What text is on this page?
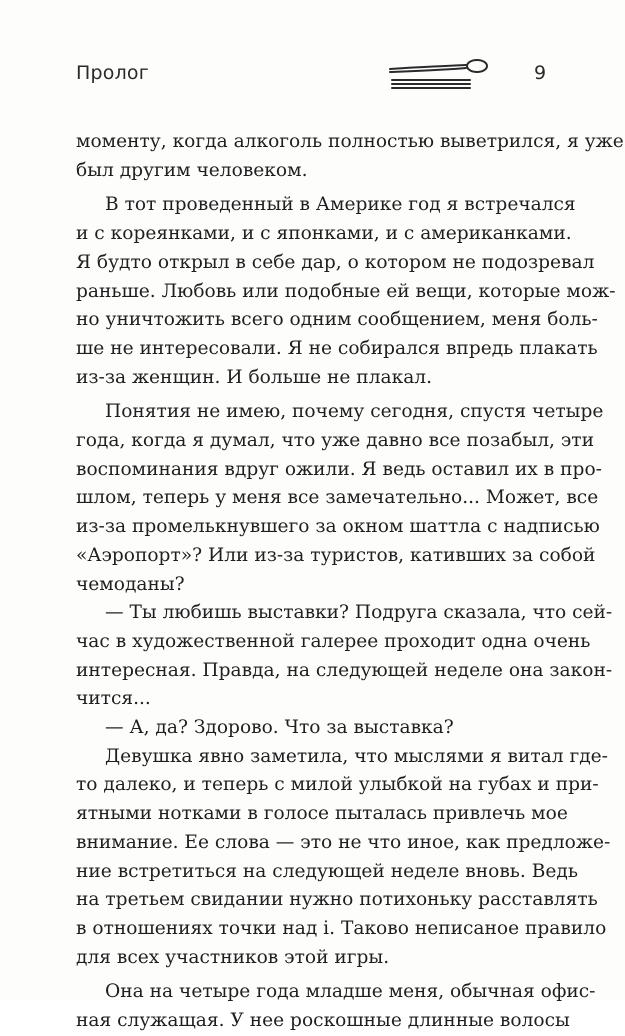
Пролог	9
моменту, когда алкоголь полностью выветрился, я уже
был другим человеком.
В тот проведенный в Америке год я встречался
и с кореянками, и с японками, и с американками.
Я будто открыл в себе дар, о котором не подозревал
раньше. Любовь или подобные ей вещи, которые мож-
но уничтожить всего одним сообщением, меня боль-
ше не интересовали. Я не собирался впредь плакать
из-за женщин. И больше не плакал.
Понятия не имею, почему сегодня, спустя четыре
года, когда я думал, что уже давно все позабыл, эти
воспоминания вдруг ожили. Я ведь оставил их в про-
шлом, теперь у меня все замечательно... Может, все
из-за промелькнувшего за окном шаттла с надписью
«Аэропорт»? Или из-за туристов, кативших за собой
чемоданы?
— Ты любишь выставки? Подруга сказала, что сей-
час в художественной галерее проходит одна очень
интересная. Правда, на следующей неделе она закон-
чится...
— А, да? Здорово. Что за выставка?
Девушка явно заметила, что мыслями я витал где-
то далеко, и теперь с милой улыбкой на губах и при-
ятными нотками в голосе пыталась привлечь мое
внимание. Ее слова — это не что иное, как предложе-
ние встретиться на следующей неделе вновь. Ведь
на третьем свидании нужно потихоньку расставлять
в отношениях точки над i. Таково неписаное правило
для всех участников этой игры.
Она на четыре года младше меня, обычная офис-
ная служащая. У нее роскошные длинные волосы
